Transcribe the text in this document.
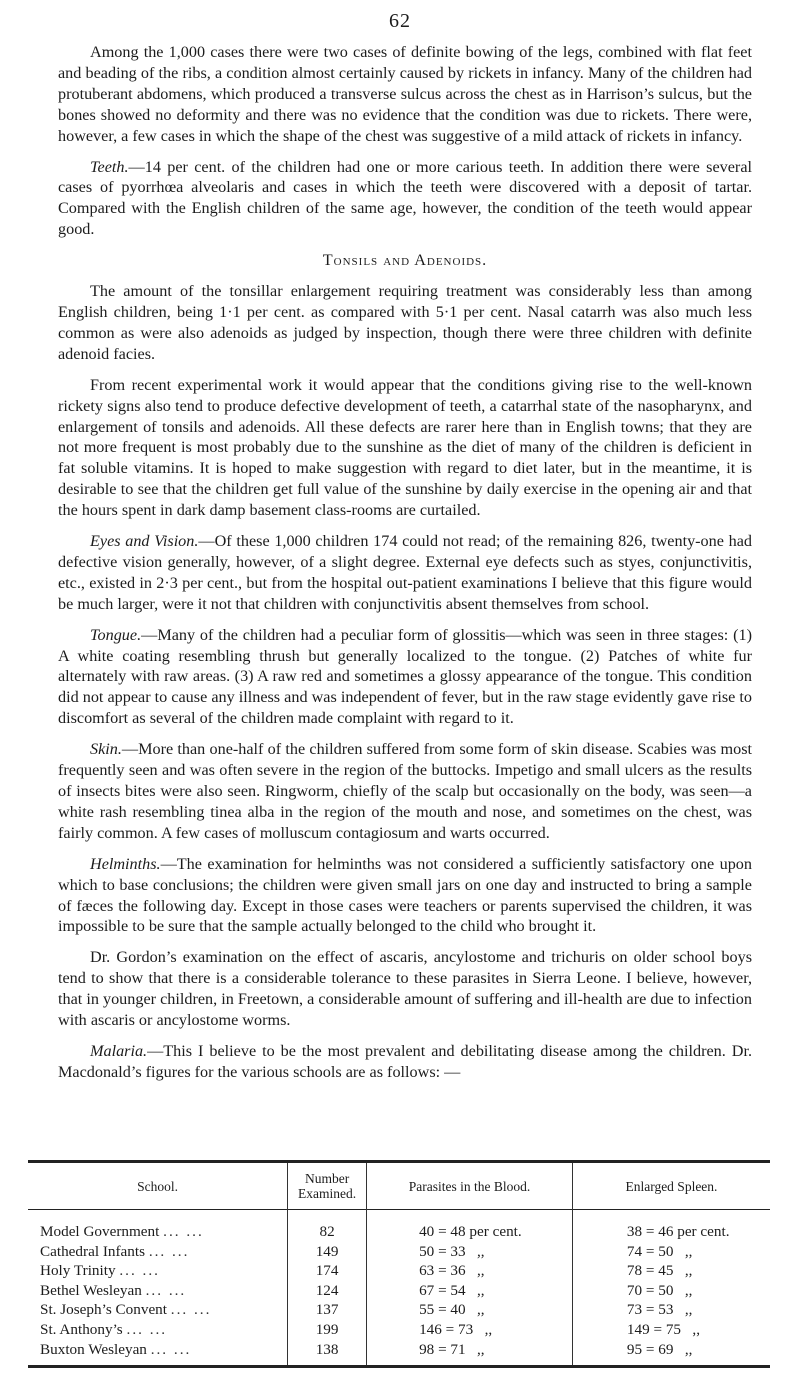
62

Among the 1,000 cases there were two cases of definite bowing of the legs, combined with flat feet and beading of the ribs, a condition almost certainly caused by rickets in infancy. Many of the children had protuberant abdomens, which produced a transverse sulcus across the chest as in Harrison’s sulcus, but the bones showed no deformity and there was no evidence that the condition was due to rickets. There were, however, a few cases in which the shape of the chest was suggestive of a mild attack of rickets in infancy.

Teeth.—14 per cent. of the children had one or more carious teeth. In addition there were several cases of pyorrhœa alveolaris and cases in which the teeth were discovered with a deposit of tartar. Compared with the English children of the same age, however, the condition of the teeth would appear good.

Tonsils and Adenoids.

The amount of the tonsillar enlargement requiring treatment was considerably less than among English children, being 1·1 per cent. as compared with 5·1 per cent. Nasal catarrh was also much less common as were also adenoids as judged by inspection, though there were three children with definite adenoid facies.

From recent experimental work it would appear that the conditions giving rise to the well-known rickety signs also tend to produce defective development of teeth, a catarrhal state of the nasopharynx, and enlargement of tonsils and adenoids. All these defects are rarer here than in English towns; that they are not more frequent is most probably due to the sunshine as the diet of many of the children is deficient in fat soluble vitamins. It is hoped to make suggestion with regard to diet later, but in the meantime, it is desirable to see that the children get full value of the sunshine by daily exercise in the opening air and that the hours spent in dark damp basement class-rooms are curtailed.

Eyes and Vision.—Of these 1,000 children 174 could not read; of the remaining 826, twenty-one had defective vision generally, however, of a slight degree. External eye defects such as styes, conjunctivitis, etc., existed in 2·3 per cent., but from the hospital out-patient examinations I believe that this figure would be much larger, were it not that children with conjunctivitis absent themselves from school.

Tongue.—Many of the children had a peculiar form of glossitis—which was seen in three stages: (1) A white coating resembling thrush but generally localized to the tongue. (2) Patches of white fur alternately with raw areas. (3) A raw red and sometimes a glossy appearance of the tongue. This condition did not appear to cause any illness and was independent of fever, but in the raw stage evidently gave rise to discomfort as several of the children made complaint with regard to it.

Skin.—More than one-half of the children suffered from some form of skin disease. Scabies was most frequently seen and was often severe in the region of the buttocks. Impetigo and small ulcers as the results of insects bites were also seen. Ringworm, chiefly of the scalp but occasionally on the body, was seen—a white rash resembling tinea alba in the region of the mouth and nose, and sometimes on the chest, was fairly common. A few cases of molluscum contagiosum and warts occurred.

Helminths.—The examination for helminths was not considered a sufficiently satisfactory one upon which to base conclusions; the children were given small jars on one day and instructed to bring a sample of fæces the following day. Except in those cases were teachers or parents supervised the children, it was impossible to be sure that the sample actually belonged to the child who brought it.

Dr. Gordon’s examination on the effect of ascaris, ancylostome and trichuris on older school boys tend to show that there is a considerable tolerance to these parasites in Sierra Leone. I believe, however, that in younger children, in Freetown, a considerable amount of suffering and ill-health are due to infection with ascaris or ancylostome worms.

Malaria.—This I believe to be the most prevalent and debilitating disease among the children. Dr. Macdonald’s figures for the various schools are as follows: —

School.	Number Examined.	Parasites in the Blood.	Enlarged Spleen.
Model Government ... ...	82	40 = 48 per cent.	38 = 46 per cent.
Cathedral Infants ... ...	149	50 = 33   ,,	74 = 50   ,,
Holy Trinity ... ...	174	63 = 36   ,,	78 = 45   ,,
Bethel Wesleyan ... ...	124	67 = 54   ,,	70 = 50   ,,
St. Joseph’s Convent ... ...	137	55 = 40   ,,	73 = 53   ,,
St. Anthony’s ... ...	199	146 = 73   ,,	149 = 75   ,,
Buxton Wesleyan ... ...	138	98 = 71   ,,	95 = 69   ,,
